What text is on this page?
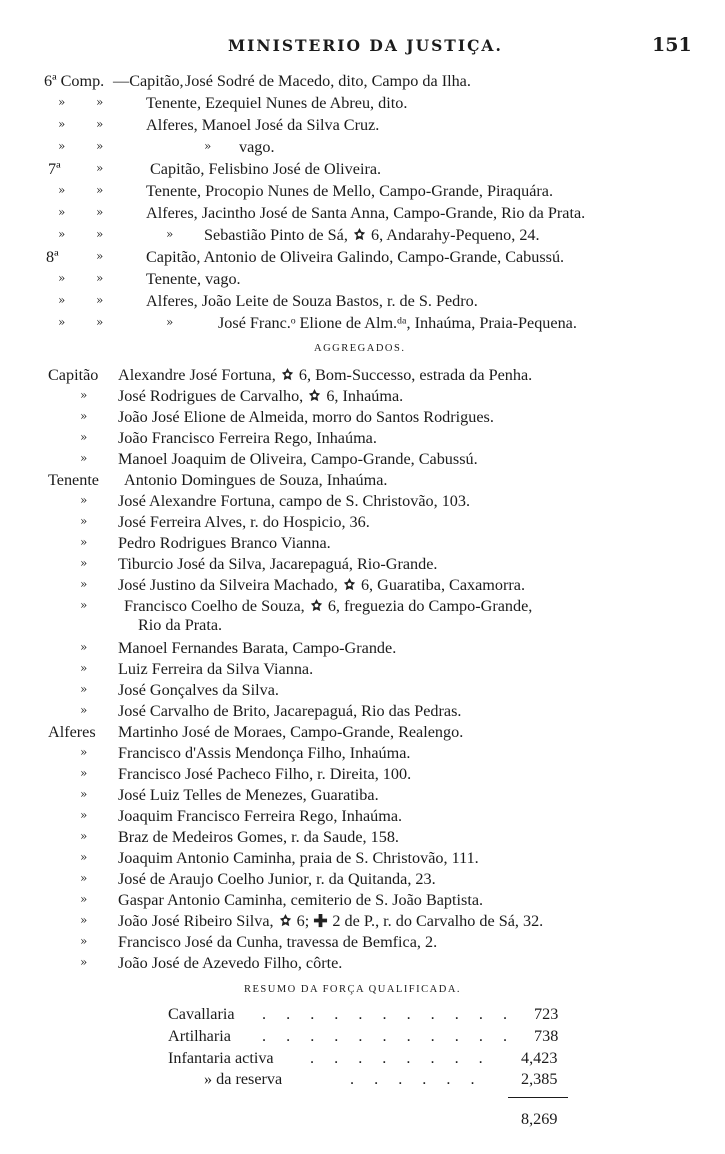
MINISTERIO DA JUSTIÇA.	151
6ª Comp. —Capitão, José Sodré de Macedo, dito, Campo da Ilha.
»	»	Tenente, Ezequiel Nunes de Abreu, dito.
»	»	Alferes, Manoel José da Silva Cruz.
»	»	» vago.
7ª	»	Capitão, Felisbino José de Oliveira.
»	»	Tenente, Procopio Nunes de Mello, Campo-Grande, Piraquára.
»	»	Alferes, Jacintho José de Santa Anna, Campo-Grande, Rio da Prata.
»	»	» Sebastião Pinto de Sá, 6, Andarahy-Pequeno, 24.
8ª	»	Capitão, Antonio de Oliveira Galindo, Campo-Grande, Cabussú.
»	»	Tenente, vago.
»	»	Alferes, João Leite de Souza Bastos, r. de S. Pedro.
»	»	»	José Franc.ᵒ Elione de Alm.ᵈᵃ, Inhaúma, Praia-Pequena.
AGGREGADOS.
Capitão Alexandre José Fortuna, 6, Bom-Successo, estrada da Penha.
» José Rodrigues de Carvalho, 6, Inhaúma.
» João José Elione de Almeida, morro do Santos Rodrigues.
» João Francisco Ferreira Rego, Inhaúma.
» Manoel Joaquim de Oliveira, Campo-Grande, Cabussú.
Tenente Antonio Domingues de Souza, Inhaúma.
» José Alexandre Fortuna, campo de S. Christovão, 103.
» José Ferreira Alves, r. do Hospicio, 36.
» Pedro Rodrigues Branco Vianna.
» Tiburcio José da Silva, Jacarepaguá, Rio-Grande.
» José Justino da Silveira Machado, 6, Guaratiba, Caxamorra.
» Francisco Coelho de Souza, 6, freguezia do Campo-Grande,
Rio da Prata.
» Manoel Fernandes Barata, Campo-Grande.
» Luiz Ferreira da Silva Vianna.
» José Gonçalves da Silva.
» José Carvalho de Brito, Jacarepaguá, Rio das Pedras.
Alferes Martinho José de Moraes, Campo-Grande, Realengo.
» Francisco d'Assis Mendonça Filho, Inhaúma.
» Francisco José Pacheco Filho, r. Direita, 100.
» José Luiz Telles de Menezes, Guaratiba.
» Joaquim Francisco Ferreira Rego, Inhaúma.
» Braz de Medeiros Gomes, r. da Saude, 158.
» Joaquim Antonio Caminha, praia de S. Christovão, 111.
» José de Araujo Coelho Junior, r. da Quitanda, 23.
» Gaspar Antonio Caminha, cemiterio de S. João Baptista.
» João José Ribeiro Silva, 6; 2 de P., r. do Carvalho de Sá, 32.
» Francisco José da Cunha, travessa de Bemfica, 2.
» João José de Azevedo Filho, côrte.
RESUMO DA FORÇA QUALIFICADA.
Cavallaria . . . . . . . . . . . 723
Artilharia . . . . . . . . . . . 738
Infantaria activa . . . . . . . . 4,423
» da reserva	. . . . . . 2,385
8,269
